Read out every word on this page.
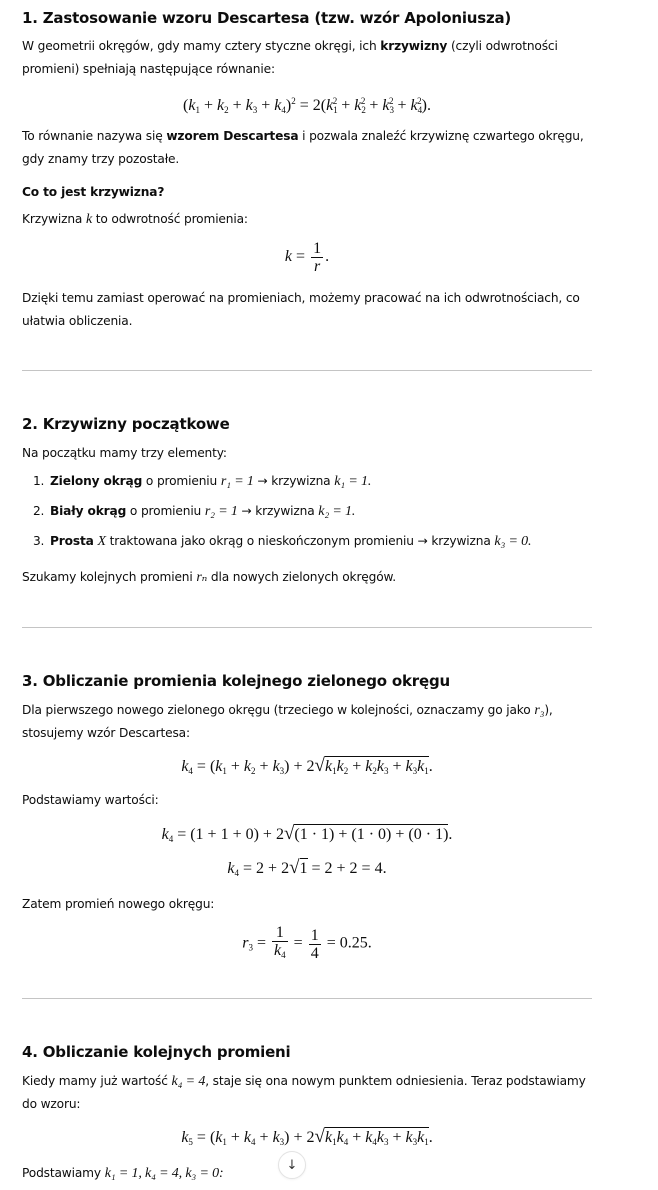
1. Zastosowanie wzoru Descartesa (tzw. wzór Apoloniusza)

W geometrii okręgów, gdy mamy cztery styczne okręgi, ich krzywizny (czyli odwrotności promieni) spełniają następujące równanie:

$(k_1 + k_2 + k_3 + k_4)^2 = 2(k_1^2 + k_2^2 + k_3^2 + k_4^2)$.

To równanie nazywa się wzorem Descartesa i pozwala znaleźć krzywiznę czwartego okręgu, gdy znamy trzy pozostałe.

Co to jest krzywizna?

Krzywizna k to odwrotność promienia:

$k = \frac{1}{r}$ .

Dzięki temu zamiast operować na promieniach, możemy pracować na ich odwrotnościach, co ułatwia obliczenia.

2. Krzywizny początkowe

Na początku mamy trzy elementy:

1. Zielony okrąg o promieniu r₁ = 1 → krzywizna k₁ = 1.
2. Biały okrąg o promieniu r₂ = 1 → krzywizna k₂ = 1.
3. Prosta X traktowana jako okrąg o nieskończonym promieniu → krzywizna k₃ = 0.

Szukamy kolejnych promieni rₙ dla nowych zielonych okręgów.

3. Obliczanie promienia kolejnego zielonego okręgu

Dla pierwszego nowego zielonego okręgu (trzeciego w kolejności, oznaczamy go jako r₃), stosujemy wzór Descartesa:

$k_4 = (k_1 + k_2 + k_3) + 2√k_1k_2 + k_2k_3 + k_3k_1$.

Podstawiamy wartości:

$k_4 = (1 + 1 + 0) + 2√(1 \cdot 1) + (1 \cdot 0) + (0 \cdot 1)$.
$k_4 = 2 + 2√1 = 2 + 2 = 4$.

Zatem promień nowego okręgu:

$r_3 = \frac{1}{k_4} = \frac{1}{4} = 0.25$.
4. Obliczanie kolejnych promieni

Kiedy mamy już wartość k₄ = 4, staje się ona nowym punktem odniesienia. Teraz podstawiamy do wzoru:

$k_5 = (k_1 + k_4 + k_3) + 2√k_1k_4 + k_4k_3 + k_3k_1$.

Podstawiamy k₁ = 1, k₄ = 4, k₃ = 0:

↓
